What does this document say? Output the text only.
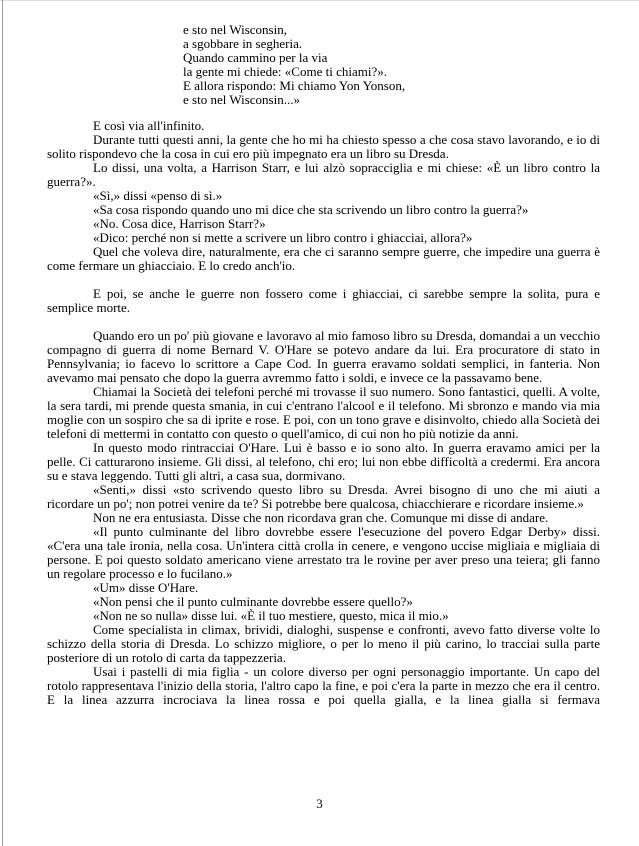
e sto nel Wisconsin,
a sgobbare in segheria.
Quando cammino per la via
la gente mi chiede: «Come ti chiami?».
E allora rispondo: Mi chiamo Yon Yonson,
e sto nel Wisconsin...»

E così via all'infinito.

Durante tutti questi anni, la gente che ho mi ha chiesto spesso a che cosa stavo lavorando, e io di solito rispondevo che la cosa in cui ero più impegnato era un libro su Dresda.

Lo dissi, una volta, a Harrison Starr, e lui alzò sopracciglia e mi chiese: «È un libro contro la guerra?».

«Sì,» dissi «penso di sì.»

«Sa cosa rispondo quando uno mi dice che sta scrivendo un libro contro la guerra?»

«No. Cosa dice, Harrison Starr?»

«Dico: perché non si mette a scrivere un libro contro i ghiacciai, allora?»

Quel che voleva dire, naturalmente, era che ci saranno sempre guerre, che impedire una guerra è come fermare un ghiacciaio. E lo credo anch'io.

E poi, se anche le guerre non fossero come i ghiacciai, ci sarebbe sempre la solita, pura e semplice morte.

Quando ero un po' più giovane e lavoravo al mio famoso libro su Dresda, domandai a un vecchio compagno di guerra di nome Bernard V. O'Hare se potevo andare da lui. Era procuratore di stato in Pennsylvania; io facevo lo scrittore a Cape Cod. In guerra eravamo soldati semplici, in fanteria. Non avevamo mai pensato che dopo la guerra avremmo fatto i soldi, e invece ce la passavamo bene.

Chiamai la Società dei telefoni perché mi trovasse il suo numero. Sono fantastici, quelli. A volte, la sera tardi, mi prende questa smania, in cui c'entrano l'alcool e il telefono. Mi sbronzo e mando via mia moglie con un sospiro che sa di iprite e rose. E poi, con un tono grave e disinvolto, chiedo alla Società dei telefoni di mettermi in contatto con questo o quell'amico, di cui non ho più notizie da anni.

In questo modo rintracciai O'Hare. Lui è basso e io sono alto. In guerra eravamo amici per la pelle. Ci catturarono insieme. Gli dissi, al telefono, chi ero; lui non ebbe difficoltà a credermi. Era ancora su e stava leggendo. Tutti gli altri, a casa sua, dormivano.

«Senti,» dissi «sto scrivendo questo libro su Dresda. Avrei bisogno di uno che mi aiuti a ricordare un po'; non potrei venire da te? Si potrebbe bere qualcosa, chiacchierare e ricordare insieme.»

Non ne era entusiasta. Disse che non ricordava gran che. Comunque mi disse di andare.

«Il punto culminante del libro dovrebbe essere l'esecuzione del povero Edgar Derby» dissi. «C'era una tale ironia, nella cosa. Un'intera città crolla in cenere, e vengono uccise migliaia e migliaia di persone. E poi questo soldato americano viene arrestato tra le rovine per aver preso una teiera; gli fanno un regolare processo e lo fucilano.»

«Um» disse O'Hare.

«Non pensi che il punto culminante dovrebbe essere quello?»

«Non ne so nulla» disse lui. «È il tuo mestiere, questo, mica il mio.»

Come specialista in climax, brividi, dialoghi, suspense e confronti, avevo fatto diverse volte lo schizzo della storia di Dresda. Lo schizzo migliore, o per lo meno il più carino, lo tracciai sulla parte posteriore di un rotolo di carta da tappezzeria.

Usai i pastelli di mia figlia - un colore diverso per ogni personaggio importante. Un capo del rotolo rappresentava l'inizio della storia, l'altro capo la fine, e poi c'era la parte in mezzo che era il centro. E la linea azzurra incrociava la linea rossa e poi quella gialla, e la linea gialla si fermava

3
